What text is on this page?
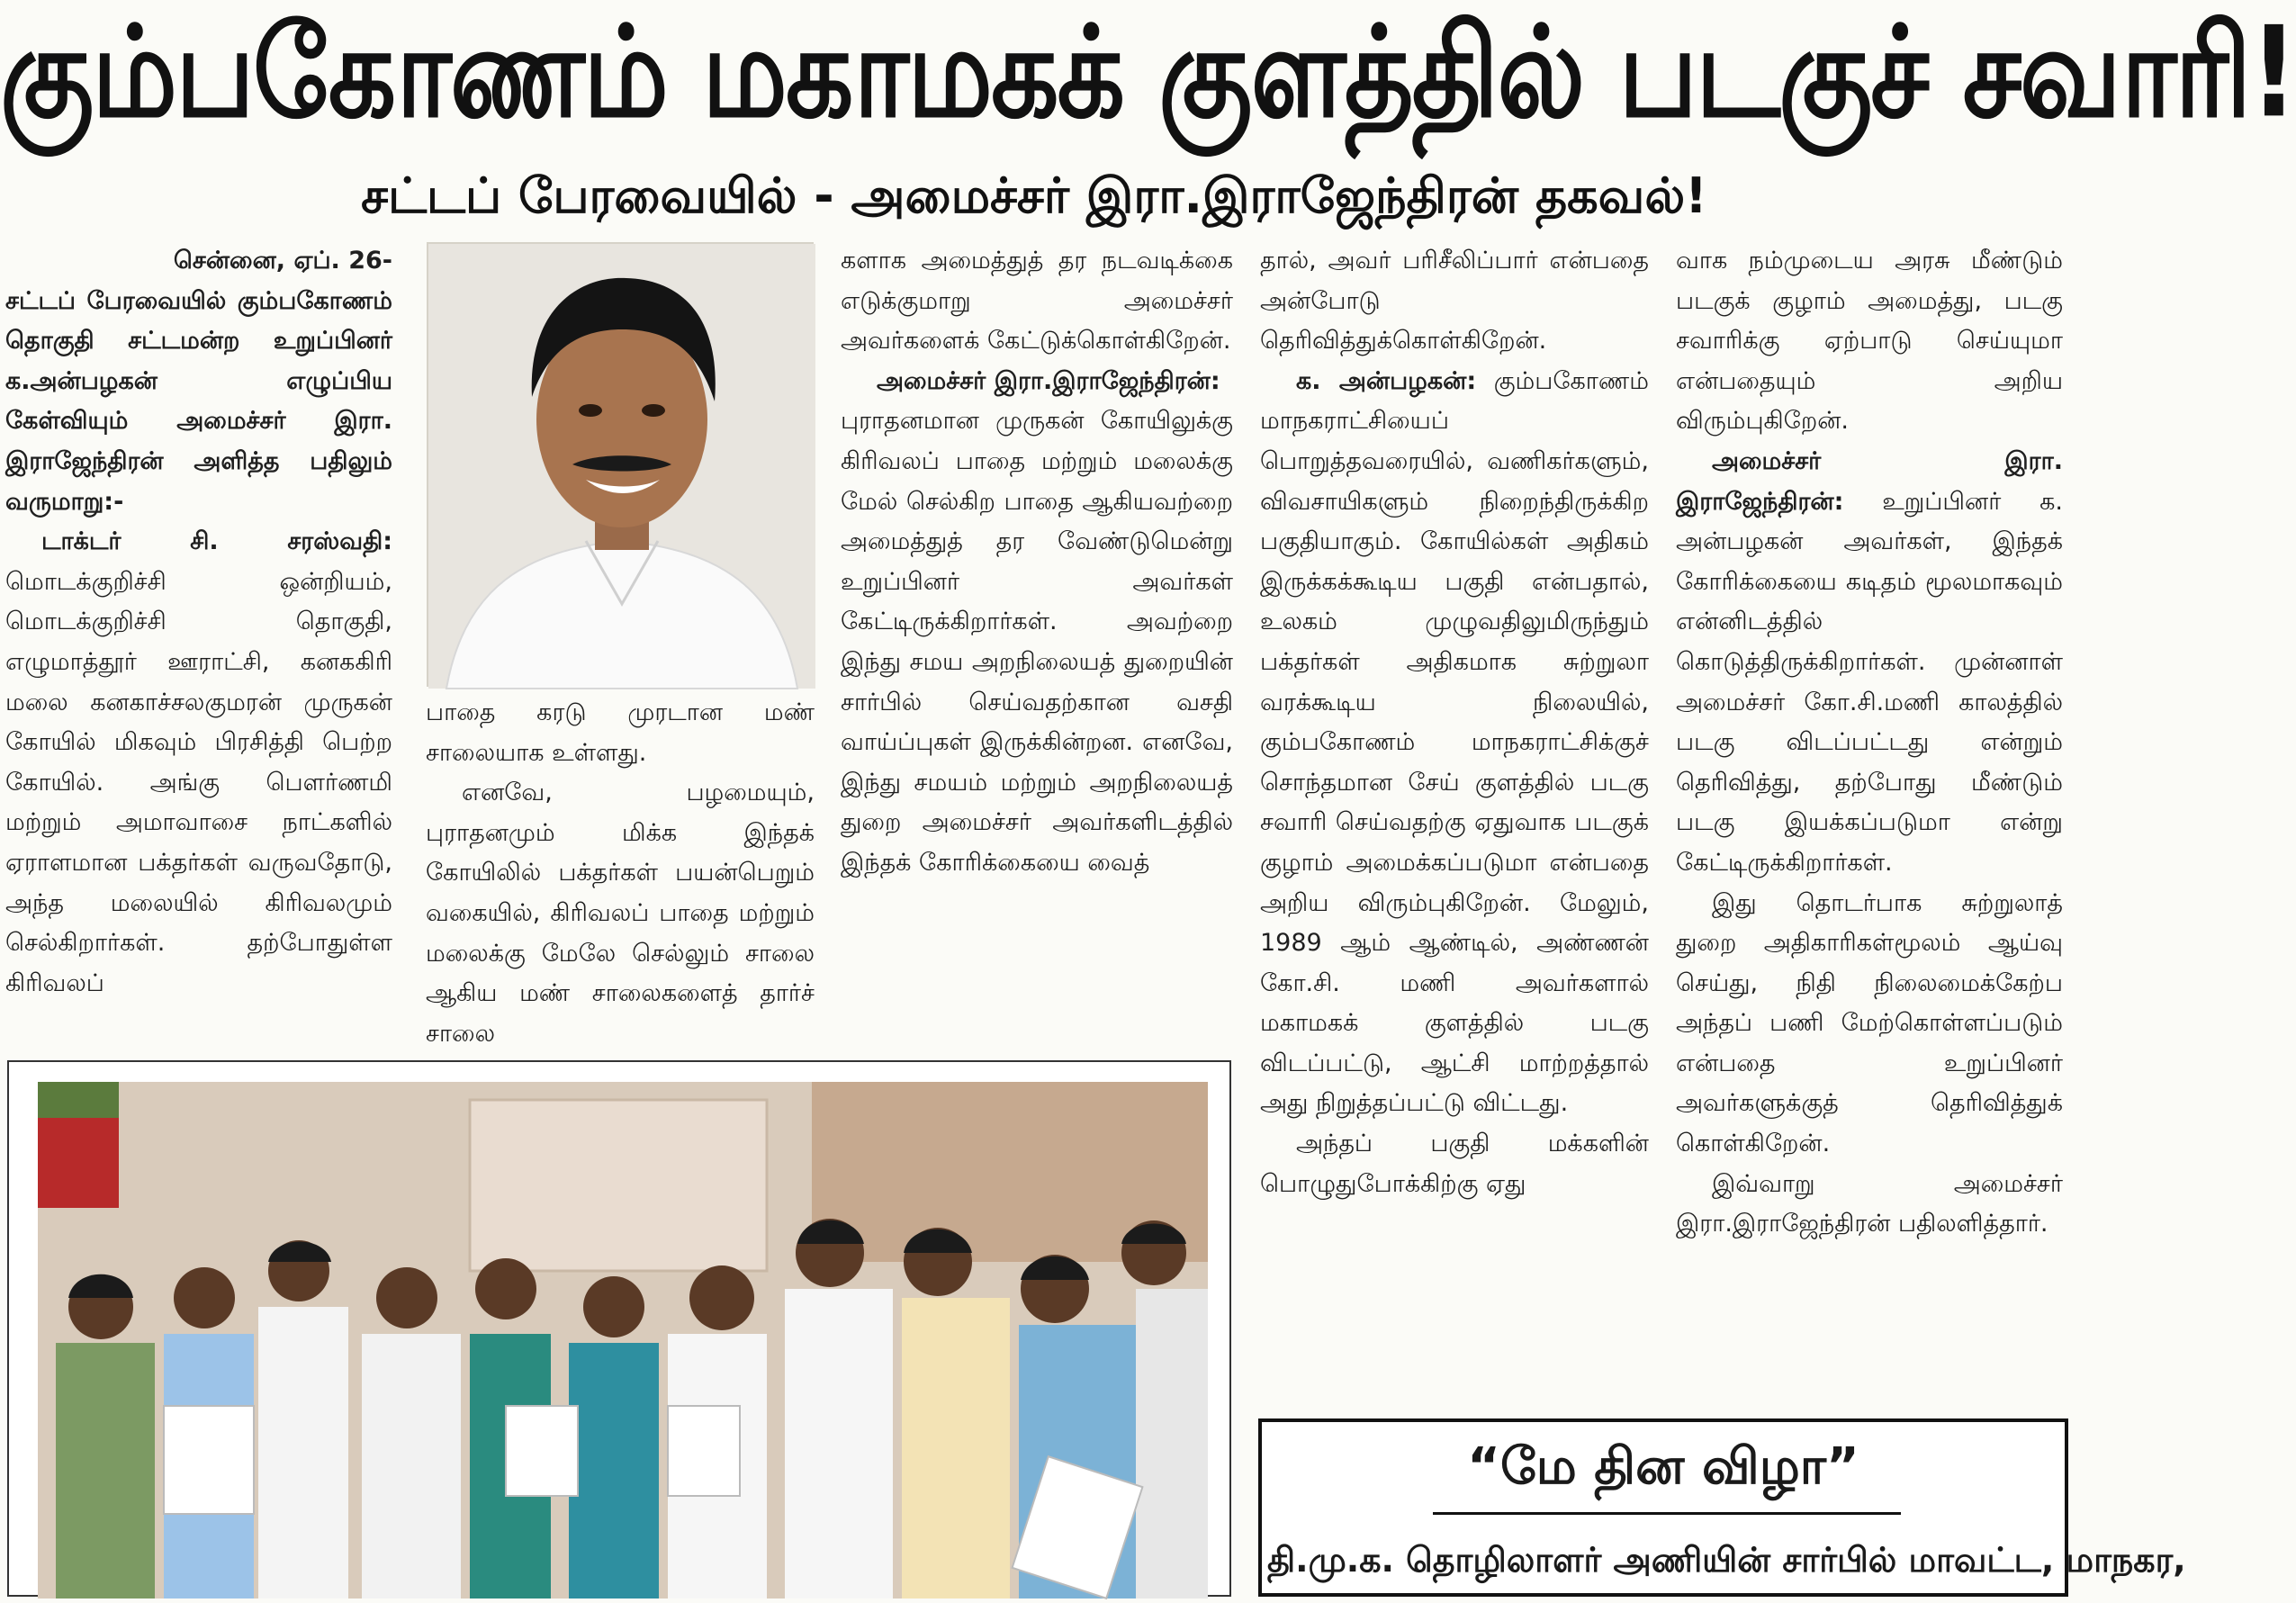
கும்பகோணம் மகாமகக் குளத்தில் படகுச் சவாரி!
சட்டப் பேரவையில் - அமைச்சர் இரா.இராஜேந்திரன் தகவல்!

சென்னை, ஏப். 26-

சட்டப் பேரவையில் கும்பகோணம் தொகுதி சட்டமன்ற உறுப்பினர் க.அன்பழகன் எழுப்பிய கேள்வியும் அமைச்சர் இரா. இராஜேந்திரன் அளித்த பதிலும் வருமாறு:-

டாக்டர் சி. சரஸ்வதி: மொடக்குறிச்சி ஒன்றியம், மொடக்குறிச்சி தொகுதி, எழுமாத்தூர் ஊராட்சி, கனககிரி மலை கனகாச்சலகுமரன் முருகன் கோயில் மிகவும் பிரசித்தி பெற்ற கோயில். அங்கு பௌர்ணமி மற்றும் அமாவாசை நாட்களில் ஏராளமான பக்தர்கள் வருவதோடு, அந்த மலையில் கிரிவலமும் செல்கிறார்கள். தற்போதுள்ள கிரிவலப்

பாதை கரடு முரடான மண் சாலையாக உள்ளது.

எனவே, பழமையும், புராதனமும் மிக்க இந்தக் கோயிலில் பக்தர்கள் பயன்பெறும் வகையில், கிரிவலப் பாதை மற்றும் மலைக்கு மேலே செல்லும் சாலை ஆகிய மண் சாலைகளைத் தார்ச் சாலை

களாக அமைத்துத் தர நடவடிக்கை எடுக்குமாறு அமைச்சர் அவர்களைக் கேட்டுக்கொள்கிறேன்.

அமைச்சர் இரா.இராஜேந்திரன்:

புராதனமான முருகன் கோயிலுக்கு கிரிவலப் பாதை மற்றும் மலைக்கு மேல் செல்கிற பாதை ஆகியவற்றை அமைத்துத் தர வேண்டுமென்று உறுப்பினர் அவர்கள் கேட்டிருக்கிறார்கள். அவற்றை இந்து சமய அறநிலையத் துறையின் சார்பில் செய்வதற்கான வசதி வாய்ப்புகள் இருக்கின்றன. எனவே, இந்து சமயம் மற்றும் அறநிலையத் துறை அமைச்சர் அவர்களிடத்தில் இந்தக் கோரிக்கையை வைத்

தால், அவர் பரிசீலிப்பார் என்பதை அன்போடு தெரிவித்துக்கொள்கிறேன்.

க. அன்பழகன்: கும்பகோணம் மாநகராட்சியைப் பொறுத்தவரையில், வணிகர்களும், விவசாயிகளும் நிறைந்திருக்கிற பகுதியாகும். கோயில்கள் அதிகம் இருக்கக்கூடிய பகுதி என்பதால், உலகம் முழுவதிலுமிருந்தும் பக்தர்கள் அதிகமாக சுற்றுலா வரக்கூடிய நிலையில், கும்பகோணம் மாநகராட்சிக்குச் சொந்தமான சேய் குளத்தில் படகு சவாரி செய்வதற்கு ஏதுவாக படகுக் குழாம் அமைக்கப்படுமா என்பதை அறிய விரும்புகிறேன். மேலும், 1989 ஆம் ஆண்டில், அண்ணன் கோ.சி. மணி அவர்களால் மகாமகக் குளத்தில் படகு விடப்பட்டு, ஆட்சி மாற்றத்தால் அது நிறுத்தப்பட்டு விட்டது.

அந்தப் பகுதி மக்களின் பொழுதுபோக்கிற்கு ஏது

வாக நம்முடைய அரசு மீண்டும் படகுக் குழாம் அமைத்து, படகு சவாரிக்கு ஏற்பாடு செய்யுமா என்பதையும் அறிய விரும்புகிறேன்.

அமைச்சர் இரா. இராஜேந்திரன்: உறுப்பினர் க. அன்பழகன் அவர்கள், இந்தக் கோரிக்கையை கடிதம் மூலமாகவும் என்னிடத்தில் கொடுத்திருக்கிறார்கள். முன்னாள் அமைச்சர் கோ.சி.மணி காலத்தில் படகு விடப்பட்டது என்றும் தெரிவித்து, தற்போது மீண்டும் படகு இயக்கப்படுமா என்று கேட்டிருக்கிறார்கள்.

இது தொடர்பாக சுற்றுலாத் துறை அதிகாரிகள்மூலம் ஆய்வு செய்து, நிதி நிலைமைக்கேற்ப அந்தப் பணி மேற்கொள்ளப்படும் என்பதை உறுப்பினர் அவர்களுக்குத் தெரிவித்துக் கொள்கிறேன்.

இவ்வாறு அமைச்சர் இரா.இராஜேந்திரன் பதிலளித்தார்.

“மே தின விழா”
தி.மு.க. தொழிலாளர் அணியின் சார்பில் மாவட்ட, மாநகர,
